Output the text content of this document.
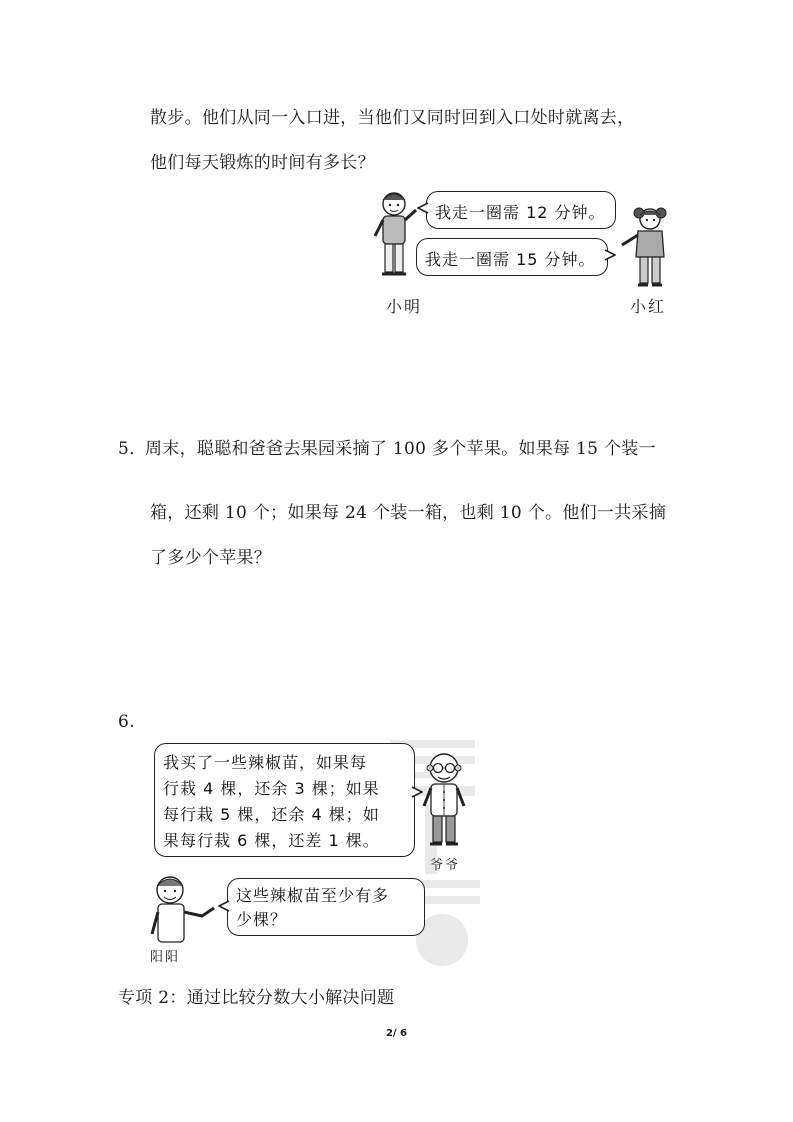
散步。他们从同一入口进，当他们又同时回到入口处时就离去，
他们每天锻炼的时间有多长？
我走一圈需 12 分钟。
我走一圈需 15 分钟。
小明	小红
5．
周末，聪聪和爸爸去果园采摘了 100 多个苹果。如果每 15 个装一
箱，还剩 10 个；如果每 24 个装一箱，也剩 10 个。他们一共采摘
了多少个苹果？
6.
我买了一些辣椒苗，如果每
行栽 4 棵，还余 3 棵；如果
每行栽 5 棵，还余 4 棵；如
果每行栽 6 棵，还差 1 棵。
爷爷
阳阳
这些辣椒苗至少有多
少棵？
专项 2：通过比较分数大小解决问题
2/ 6
